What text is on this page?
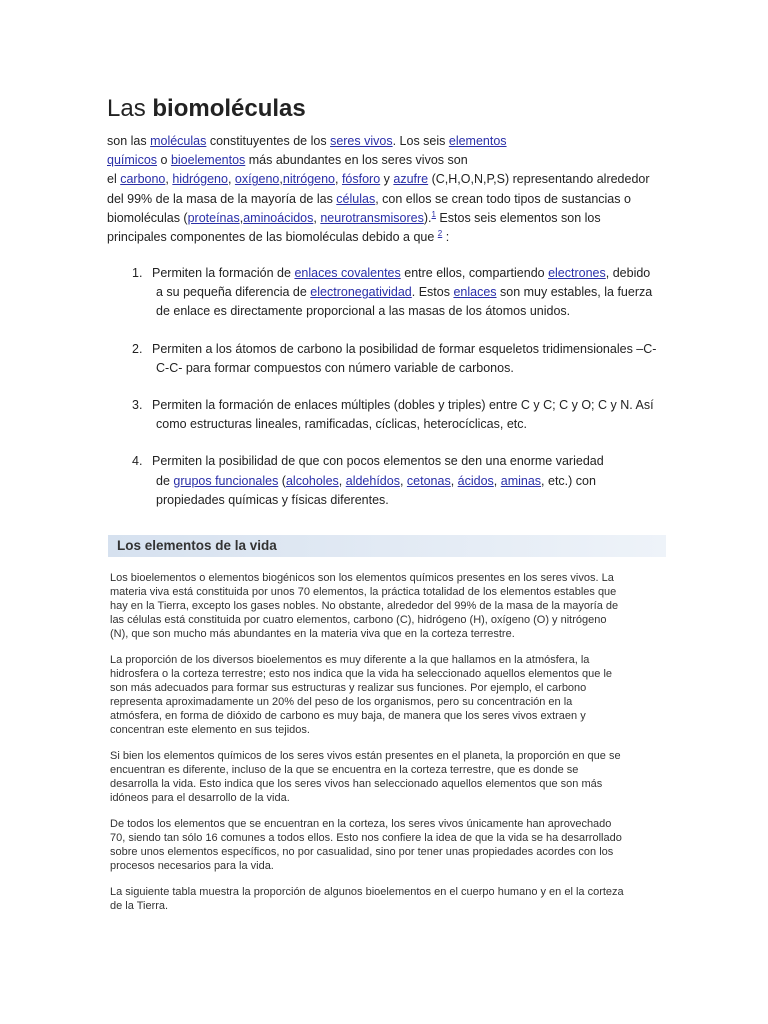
Las biomoléculas
son las moléculas constituyentes de los seres vivos. Los seis elementos
químicos o bioelementos más abundantes en los seres vivos son
el carbono, hidrógeno, oxígeno,nitrógeno, fósforo y azufre (C,H,O,N,P,S) representando alrededor
del 99% de la masa de la mayoría de las células, con ellos se crean todo tipos de sustancias o
biomoléculas (proteínas,aminoácidos, neurotransmisores).$^1$ Estos seis elementos son los
principales componentes de las biomoléculas debido a que $^2$ :
1. Permiten la formación de enlaces covalentes entre ellos, compartiendo electrones, debido
a su pequeña diferencia de electronegatividad. Estos enlaces son muy estables, la fuerza
de enlace es directamente proporcional a las masas de los átomos unidos.
2. Permiten a los átomos de carbono la posibilidad de formar esqueletos tridimensionales –C-
C-C- para formar compuestos con número variable de carbonos.
3. Permiten la formación de enlaces múltiples (dobles y triples) entre C y C; C y O; C y N. Así
como estructuras lineales, ramificadas, cíclicas, heterocíclicas, etc.
4. Permiten la posibilidad de que con pocos elementos se den una enorme variedad
de grupos funcionales (alcoholes, aldehídos, cetonas, ácidos, aminas, etc.) con
propiedades químicas y físicas diferentes.
Los elementos de la vida

Los bioelementos o elementos biogénicos son los elementos químicos presentes en los seres vivos. La
materia viva está constituida por unos 70 elementos, la práctica totalidad de los elementos estables que
hay en la Tierra, excepto los gases nobles. No obstante, alrededor del 99% de la masa de la mayoría de
las células está constituida por cuatro elementos, carbono (C), hidrógeno (H), oxígeno (O) y nitrógeno
(N), que son mucho más abundantes en la materia viva que en la corteza terrestre.

La proporción de los diversos bioelementos es muy diferente a la que hallamos en la atmósfera, la
hidrosfera o la corteza terrestre; esto nos indica que la vida ha seleccionado aquellos elementos que le
son más adecuados para formar sus estructuras y realizar sus funciones. Por ejemplo, el carbono
representa aproximadamente un 20% del peso de los organismos, pero su concentración en la
atmósfera, en forma de dióxido de carbono es muy baja, de manera que los seres vivos extraen y
concentran este elemento en sus tejidos.

Si bien los elementos químicos de los seres vivos están presentes en el planeta, la proporción en que se
encuentran es diferente, incluso de la que se encuentra en la corteza terrestre, que es donde se
desarrolla la vida. Esto indica que los seres vivos han seleccionado aquellos elementos que son más
idóneos para el desarrollo de la vida.

De todos los elementos que se encuentran en la corteza, los seres vivos únicamente han aprovechado
70, siendo tan sólo 16 comunes a todos ellos. Esto nos confiere la idea de que la vida se ha desarrollado
sobre unos elementos específicos, no por casualidad, sino por tener unas propiedades acordes con los
procesos necesarios para la vida.

La siguiente tabla muestra la proporción de algunos bioelementos en el cuerpo humano y en el la corteza
de la Tierra.
